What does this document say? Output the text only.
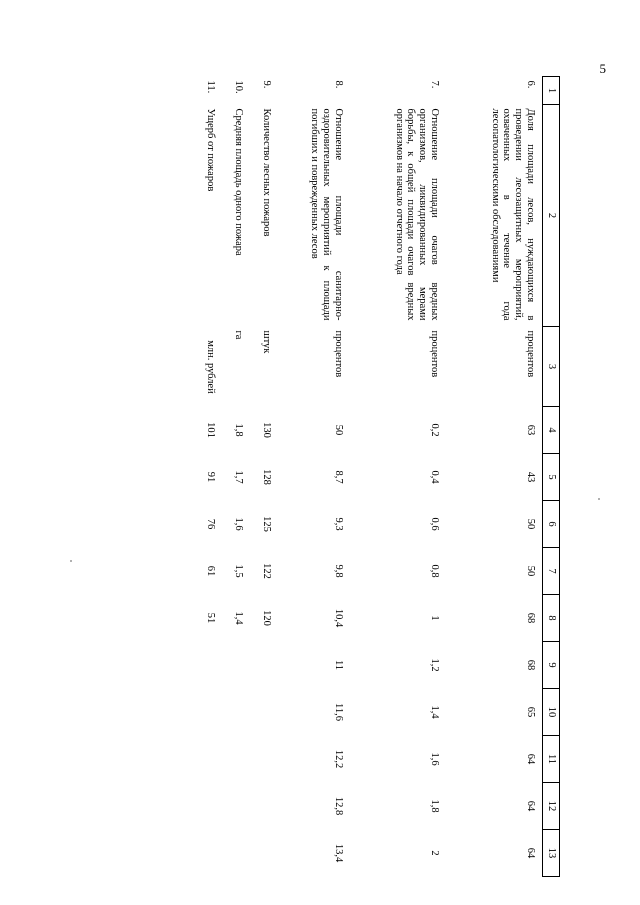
5
1	2	3	4	5	6	7	8	9	10	11	12	13
6.	Доля площади лесов, нуждающихся в проведении лесозащитных мероприятий, охваченных в течение года лесопатологическими обследованиями	процентов	63	43	50	50	68	68	65	64	64	64
7.	Отношение площади очагов вредных организмов, ликвидированных мерами борьбы, к общей площади очагов вредных организмов на начало отчетного года	процентов	0,2	0,4	0,6	0,8	1	1,2	1,4	1,6	1,8	2
8.	Отношение площади санитарно-оздоровительных мероприятий к площади погибших и поврежденных лесов	процентов	50	8,7	9,3	9,8	10,4	11	11,6	12,2	12,8	13,4
9.	Количество лесных пожаров	штук	130	128	125	122	120					
10.	Средняя площадь одного пожара	га	1,8	1,7	1,6	1,5	1,4					
11.	Ущерб от пожаров	млн. рублей	101	91	76	61	51					
